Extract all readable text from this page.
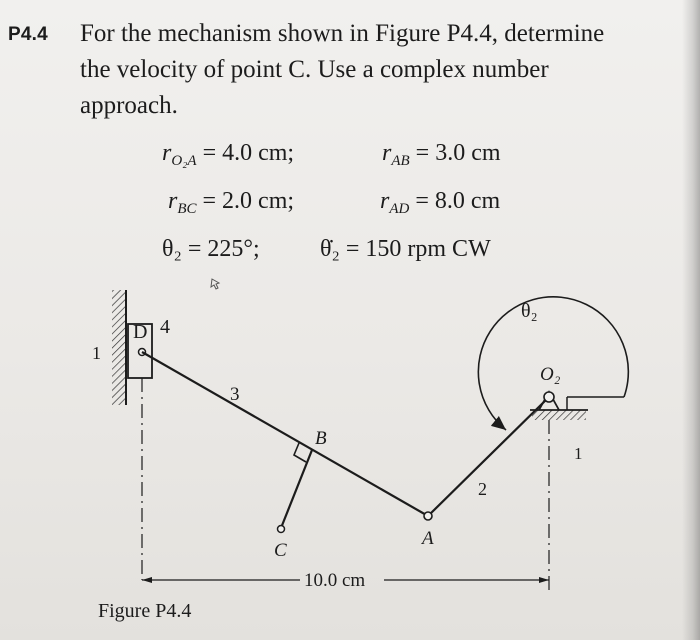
P4.4 For the mechanism shown in Figure P4.4, determine
the velocity of point C. Use a complex number
approach.
$r_{O_2A} = 4.0$ cm;	$r_{AB} = 3.0$ cm
$r_{BC} = 2.0$ cm;	$r_{AD} = 8.0$ cm
θ₂ = 225°;	θ̇₂ = 150 rpm CW
D 4
1
3
B
C
A
2
O₂
θ₂
1
10.0 cm
Figure P4.4
